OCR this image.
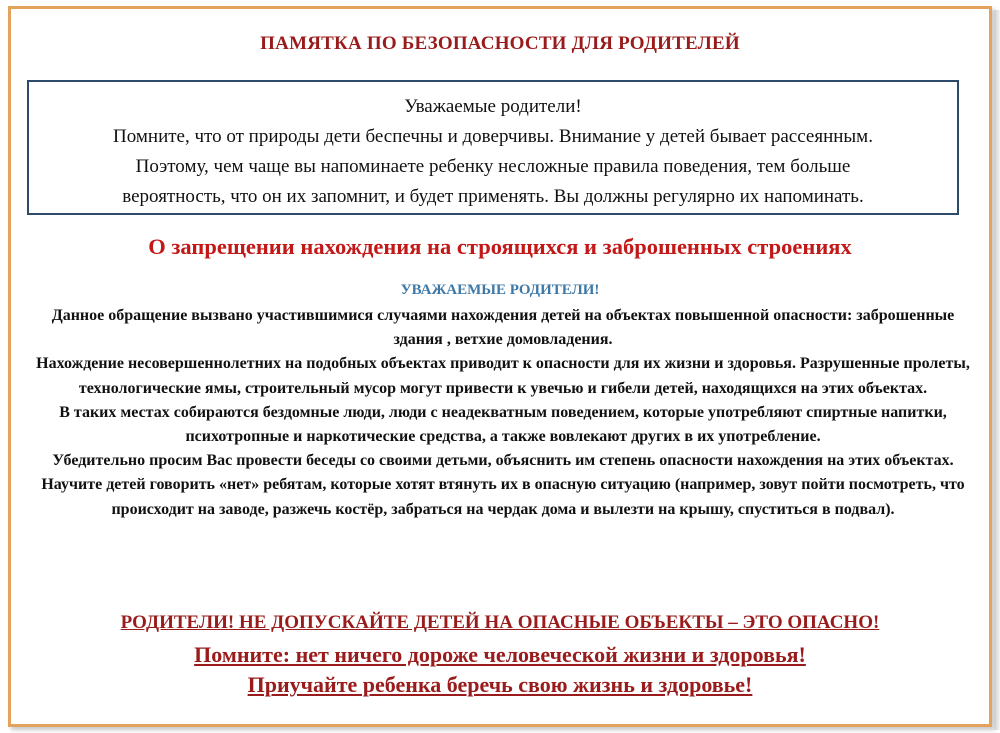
ПАМЯТКА ПО БЕЗОПАСНОСТИ ДЛЯ РОДИТЕЛЕЙ

Уважаемые родители!

Помните, что от природы дети беспечны и доверчивы. Внимание у детей бывает рассеянным.

Поэтому, чем чаще вы напоминаете ребенку несложные правила поведения, тем больше

вероятность, что он их запомнит, и будет применять. Вы должны регулярно их напоминать.

О запрещении нахождения на строящихся и заброшенных строениях
УВАЖАЕМЫЕ РОДИТЕЛИ!

Данное обращение вызвано участившимися случаями нахождения детей на объектах повышенной опасности: заброшенные здания , ветхие домовладения.

Нахождение несовершеннолетних на подобных объектах приводит к опасности для их жизни и здоровья. Разрушенные пролеты, технологические ямы, строительный мусор могут привести к увечью и гибели детей, находящихся на этих объектах.

В таких местах собираются бездомные люди, люди с неадекватным поведением, которые употребляют спиртные напитки, психотропные и наркотические средства, а также вовлекают других в их употребление.

Убедительно просим Вас провести беседы со своими детьми, объяснить им степень опасности нахождения на этих объектах. Научите детей говорить «нет» ребятам, которые хотят втянуть их в опасную ситуацию (например, зовут пойти посмотреть, что происходит на заводе, разжечь костёр, забраться на чердак дома и вылезти на крышу, спуститься в подвал).

РОДИТЕЛИ! НЕ ДОПУСКАЙТЕ ДЕТЕЙ НА ОПАСНЫЕ ОБЪЕКТЫ – ЭТО ОПАСНО!
Помните: нет ничего дороже человеческой жизни и здоровья!
Приучайте ребенка беречь свою жизнь и здоровье!
